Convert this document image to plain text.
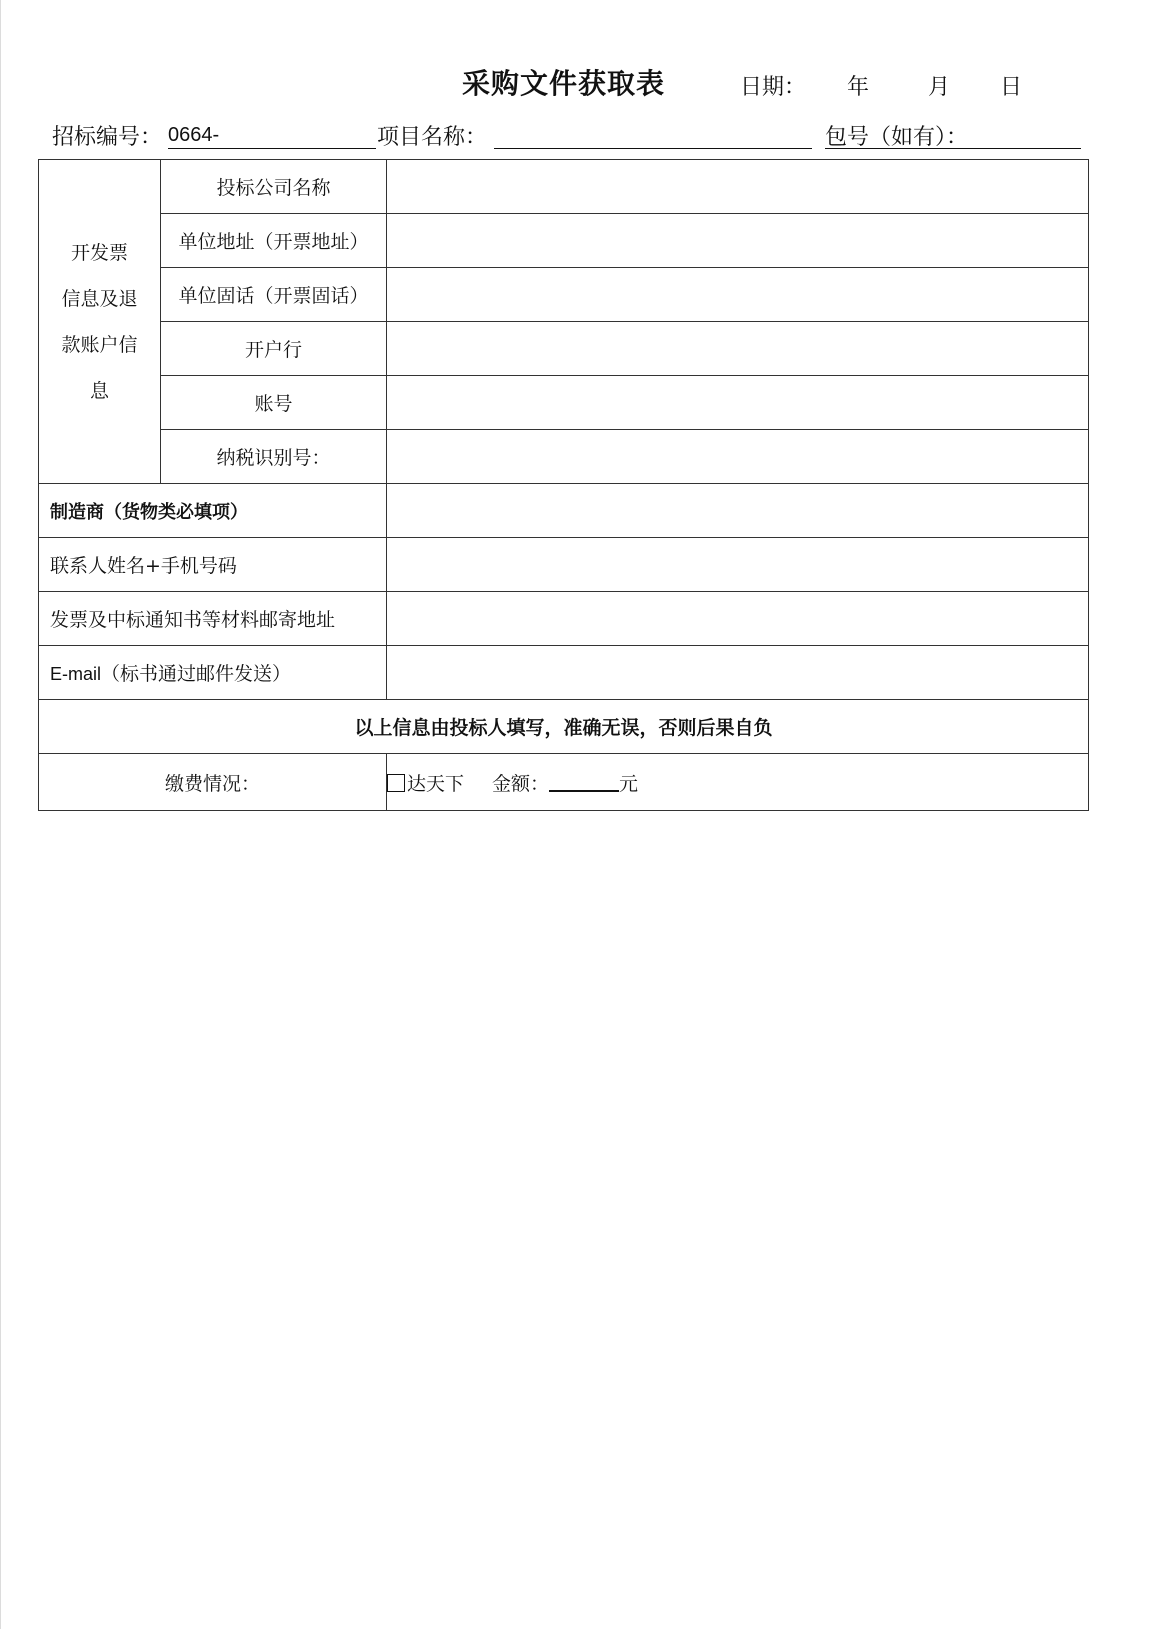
采购文件获取表	日期： 年	月 日
招标编号： 0664-	项目名称：	包号（如有）：
开发票
信息及退
款账户信
息	投标公司名称	
	单位地址（开票地址）	
	单位固话（开票固话）	
	开户行	
	账号	
	纳税识别号：	
制造商（货物类必填项）		
联系人姓名+手机号码		
发票及中标通知书等材料邮寄地址		
E-mail（标书通过邮件发送）		
以上信息由投标人填写，准确无误，否则后果自负		
缴费情况：		达天下 金额： 元
